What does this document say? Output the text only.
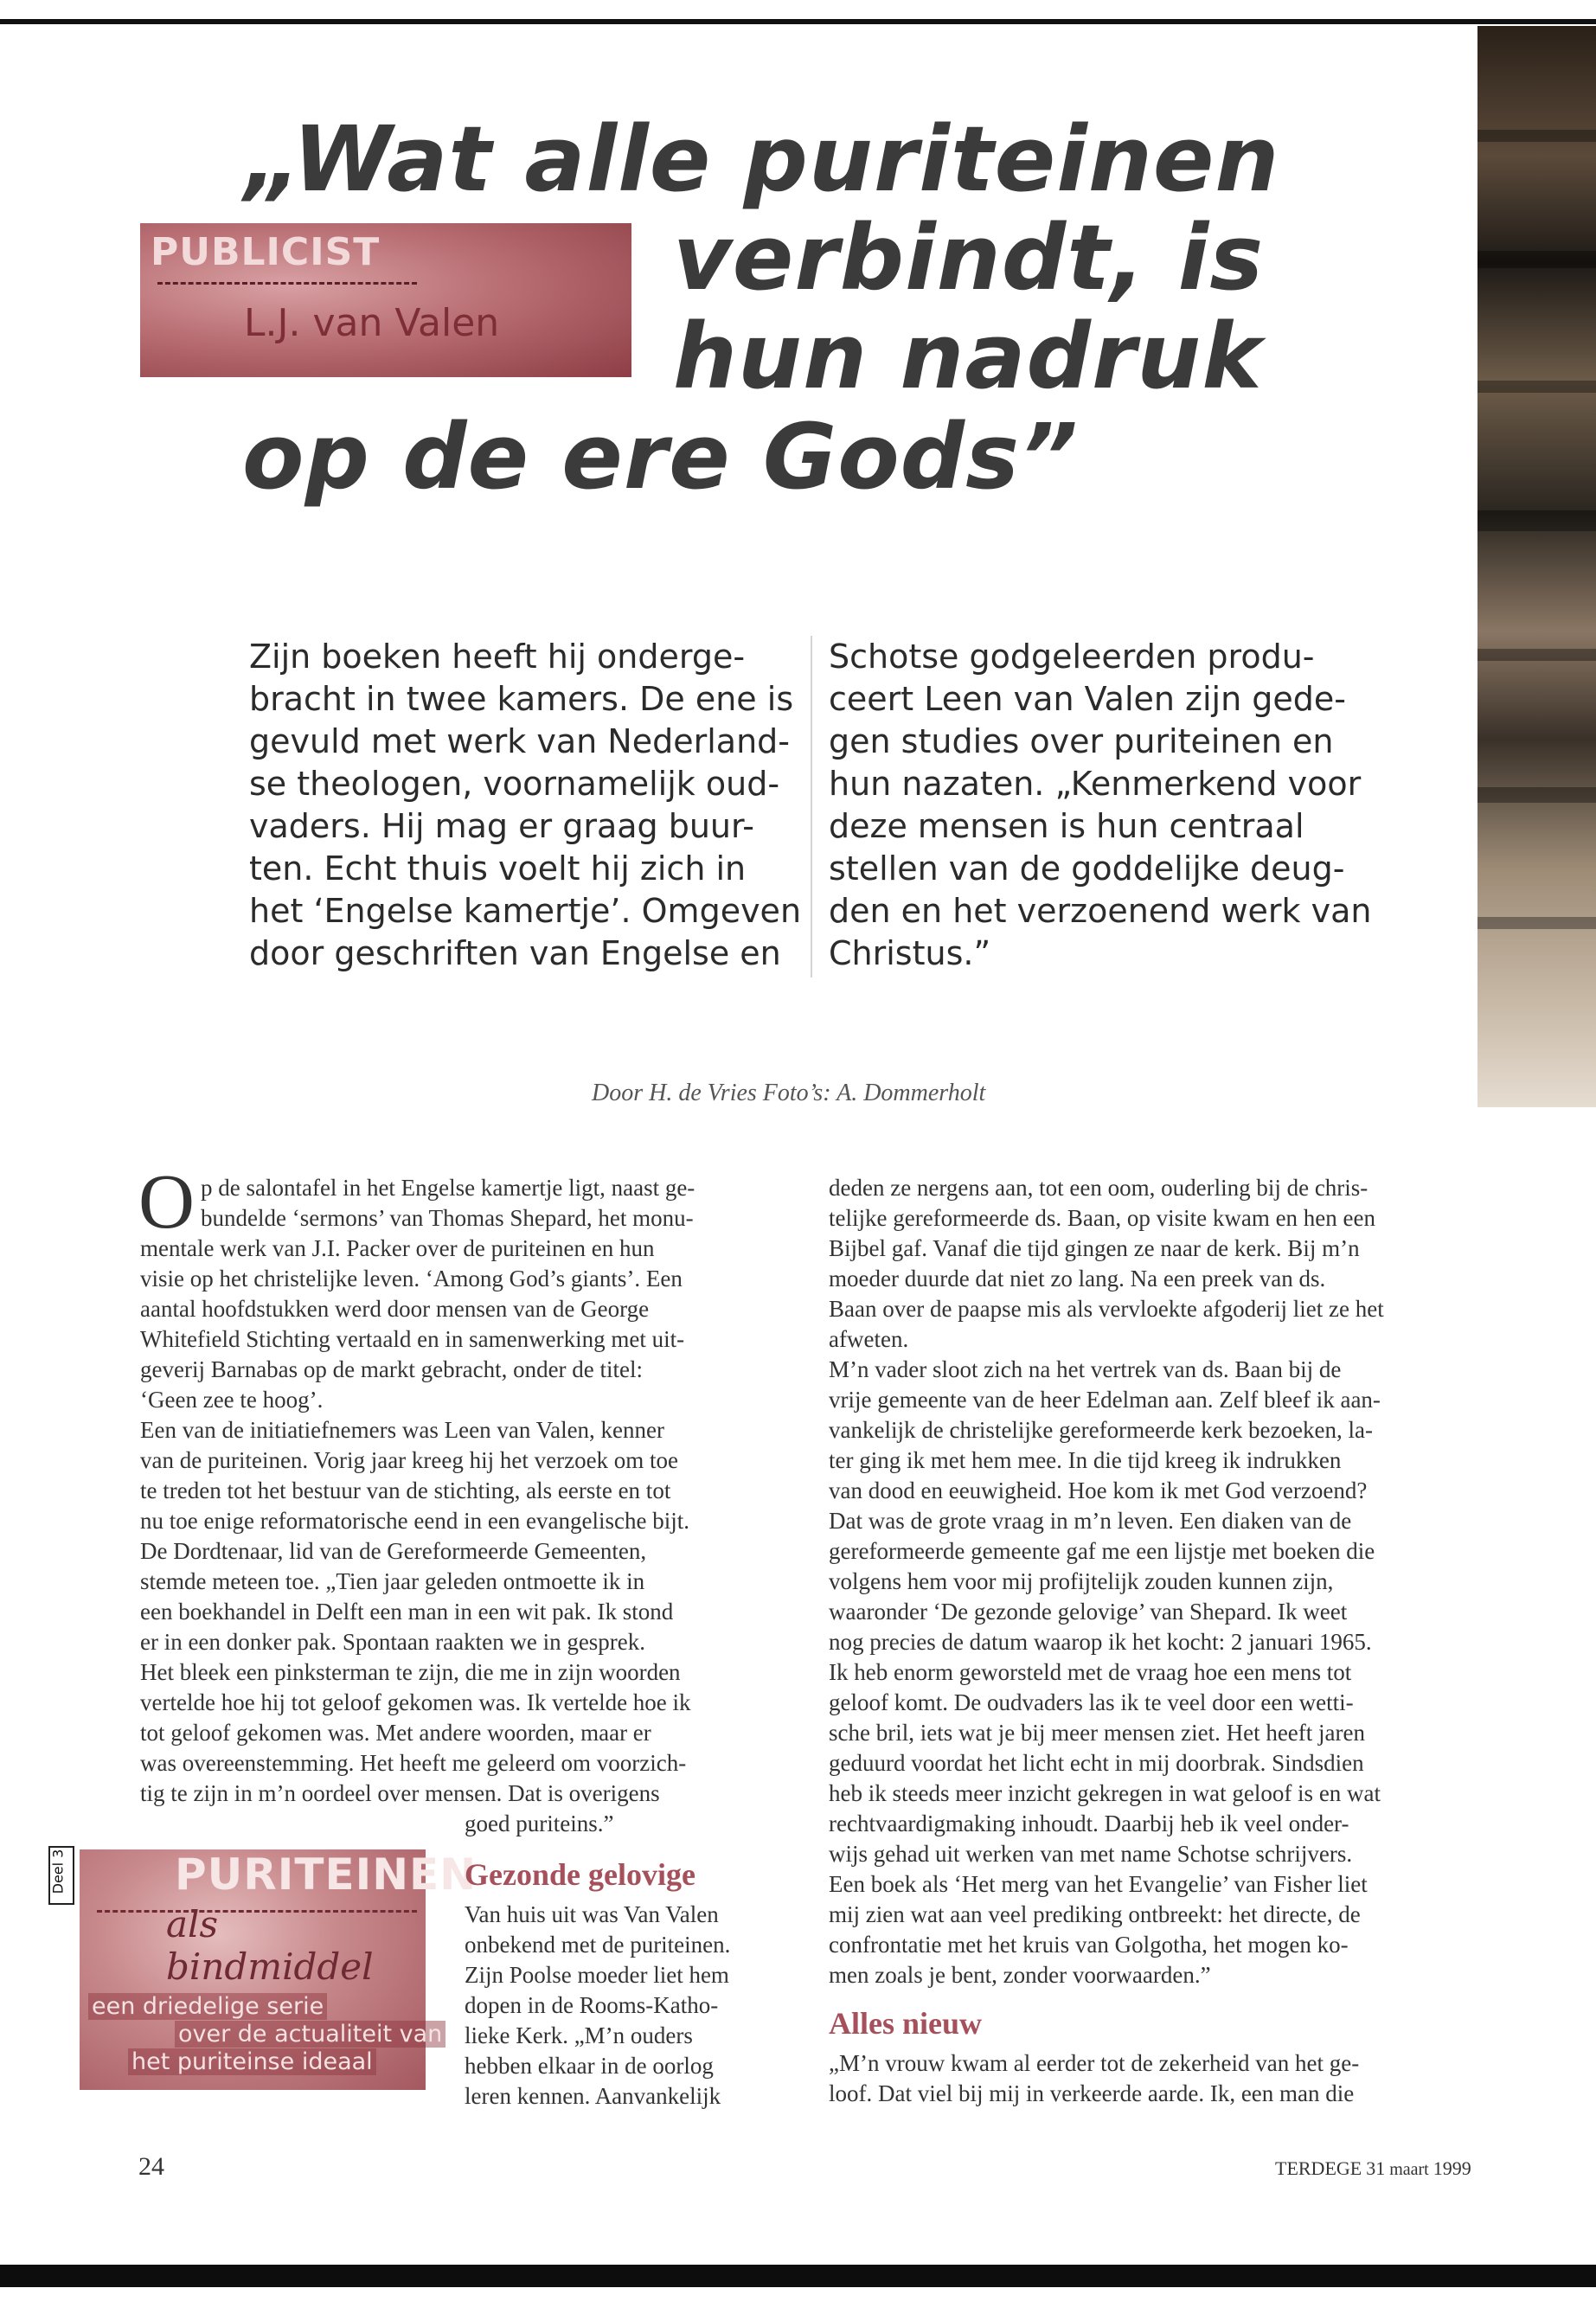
„Wat alle puriteinen
verbindt, is
hun nadruk
op de ere Gods”
PUBLICIST
L.J. van Valen
Zijn boeken heeft hij onderge-
bracht in twee kamers. De ene is
gevuld met werk van Nederland-
se theologen, voornamelijk oud-
vaders. Hij mag er graag buur-
ten. Echt thuis voelt hij zich in
het ‘Engelse kamertje’. Omgeven
door geschriften van Engelse en
Schotse godgeleerden produ-
ceert Leen van Valen zijn gede-
gen studies over puriteinen en
hun nazaten. „Kenmerkend voor
deze mensen is hun centraal
stellen van de goddelijke deug-
den en het verzoenend werk van
Christus.”
Door H. de Vries Foto’s: A. Dommerholt
O p de salontafel in het Engelse kamertje ligt, naast ge-
bundelde ‘sermons’ van Thomas Shepard, het monu-
mentale werk van J.I. Packer over de puriteinen en hun
visie op het christelijke leven. ‘Among God’s giants’. Een
aantal hoofdstukken werd door mensen van de George
Whitefield Stichting vertaald en in samenwerking met uit-
geverij Barnabas op de markt gebracht, onder de titel:
‘Geen zee te hoog’.
Een van de initiatiefnemers was Leen van Valen, kenner
van de puriteinen. Vorig jaar kreeg hij het verzoek om toe
te treden tot het bestuur van de stichting, als eerste en tot
nu toe enige reformatorische eend in een evangelische bijt.
De Dordtenaar, lid van de Gereformeerde Gemeenten,
stemde meteen toe. „Tien jaar geleden ontmoette ik in
een boekhandel in Delft een man in een wit pak. Ik stond
er in een donker pak. Spontaan raakten we in gesprek.
Het bleek een pinksterman te zijn, die me in zijn woorden
vertelde hoe hij tot geloof gekomen was. Ik vertelde hoe ik
tot geloof gekomen was. Met andere woorden, maar er
was overeenstemming. Het heeft me geleerd om voorzich-
tig te zijn in m’n oordeel over mensen. Dat is overigens
goed puriteins.”
PURITEINEN
als bindmiddel
een driedelige serie
over de actualiteit van
het puriteinse ideaal
Deel 3	Gezonde gelovige
Van huis uit was Van Valen
onbekend met de puriteinen.
Zijn Poolse moeder liet hem
dopen in de Rooms-Katho-
lieke Kerk. „M’n ouders
hebben elkaar in de oorlog
leren kennen. Aanvankelijk
deden ze nergens aan, tot een oom, ouderling bij de chris-
telijke gereformeerde ds. Baan, op visite kwam en hen een
Bijbel gaf. Vanaf die tijd gingen ze naar de kerk. Bij m’n
moeder duurde dat niet zo lang. Na een preek van ds.
Baan over de paapse mis als vervloekte afgoderij liet ze het
afweten.
M’n vader sloot zich na het vertrek van ds. Baan bij de
vrije gemeente van de heer Edelman aan. Zelf bleef ik aan-
vankelijk de christelijke gereformeerde kerk bezoeken, la-
ter ging ik met hem mee. In die tijd kreeg ik indrukken
van dood en eeuwigheid. Hoe kom ik met God verzoend?
Dat was de grote vraag in m’n leven. Een diaken van de
gereformeerde gemeente gaf me een lijstje met boeken die
volgens hem voor mij profijtelijk zouden kunnen zijn,
waaronder ‘De gezonde gelovige’ van Shepard. Ik weet
nog precies de datum waarop ik het kocht: 2 januari 1965.
Ik heb enorm geworsteld met de vraag hoe een mens tot
geloof komt. De oudvaders las ik te veel door een wetti-
sche bril, iets wat je bij meer mensen ziet. Het heeft jaren
geduurd voordat het licht echt in mij doorbrak. Sindsdien
heb ik steeds meer inzicht gekregen in wat geloof is en wat
rechtvaardigmaking inhoudt. Daarbij heb ik veel onder-
wijs gehad uit werken van met name Schotse schrijvers.
Een boek als ‘Het merg van het Evangelie’ van Fisher liet
mij zien wat aan veel prediking ontbreekt: het directe, de
confrontatie met het kruis van Golgotha, het mogen ko-
men zoals je bent, zonder voorwaarden.”
Alles nieuw
„M’n vrouw kwam al eerder tot de zekerheid van het ge-
loof. Dat viel bij mij in verkeerde aarde. Ik, een man die
24	TERDEGE 31 maart 1999
